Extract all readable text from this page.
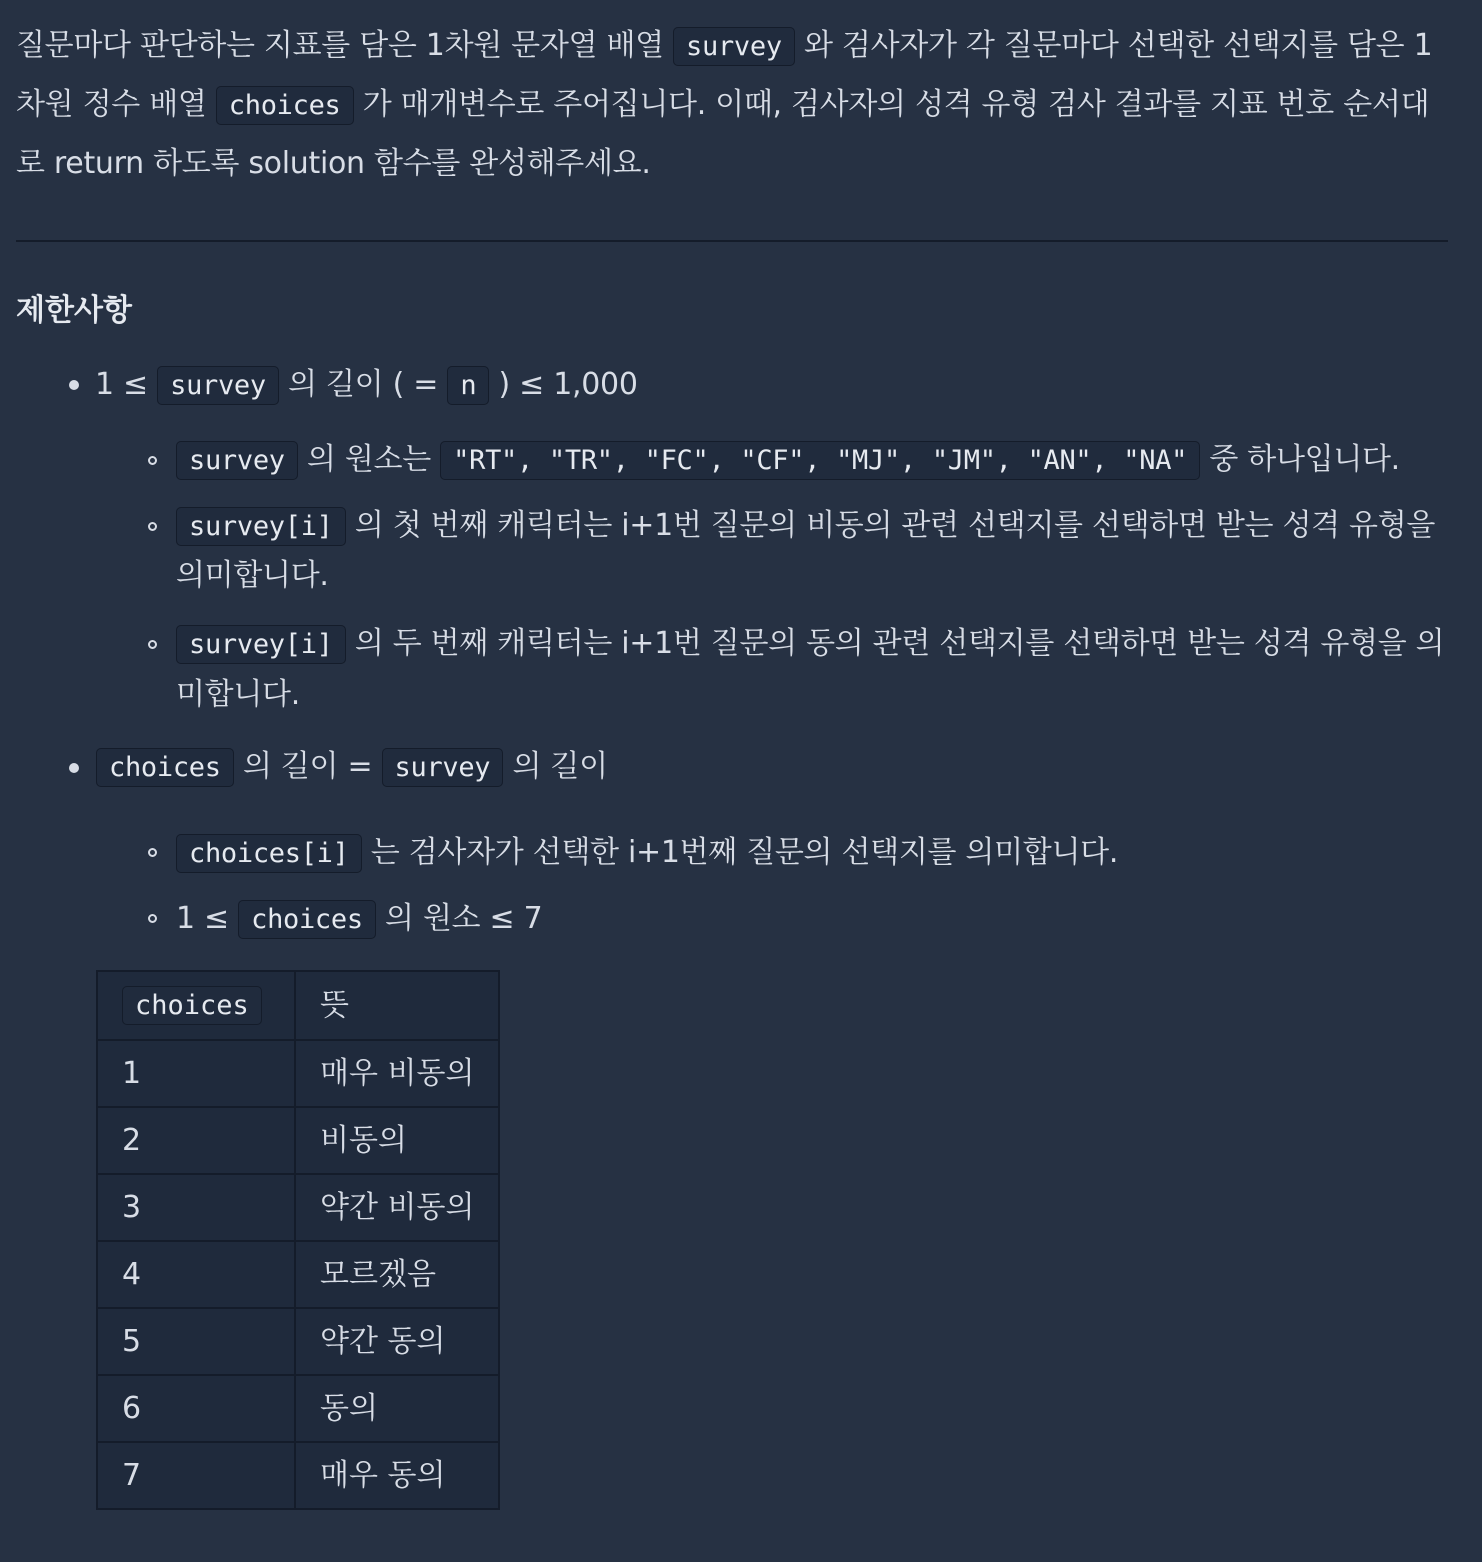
질문마다 판단하는 지표를 담은 1차원 문자열 배열 survey 와 검사자가 각 질문마다 선택한 선택지를 담은 1차원 정수 배열 choices 가 매개변수로 주어집니다. 이때, 검사자의 성격 유형 검사 결과를 지표 번호 순서대로 return 하도록 solution 함수를 완성해주세요.

제한사항
1 ≤ survey 의 길이 ( = n ) ≤ 1,000
survey 의 원소는 "RT", "TR", "FC", "CF", "MJ", "JM", "AN", "NA" 중 하나입니다.
survey[i] 의 첫 번째 캐릭터는 i+1번 질문의 비동의 관련 선택지를 선택하면 받는 성격 유형을
의미합니다.
survey[i] 의 두 번째 캐릭터는 i+1번 질문의 동의 관련 선택지를 선택하면 받는 성격 유형을 의
미합니다.
choices 의 길이 = survey 의 길이
choices[i] 는 검사자가 선택한 i+1번째 질문의 선택지를 의미합니다.
1 ≤ choices 의 원소 ≤ 7
choices	뜻
1	매우 비동의
2	비동의
3	약간 비동의
4	모르겠음
5	약간 동의
6	동의
7	매우 동의
